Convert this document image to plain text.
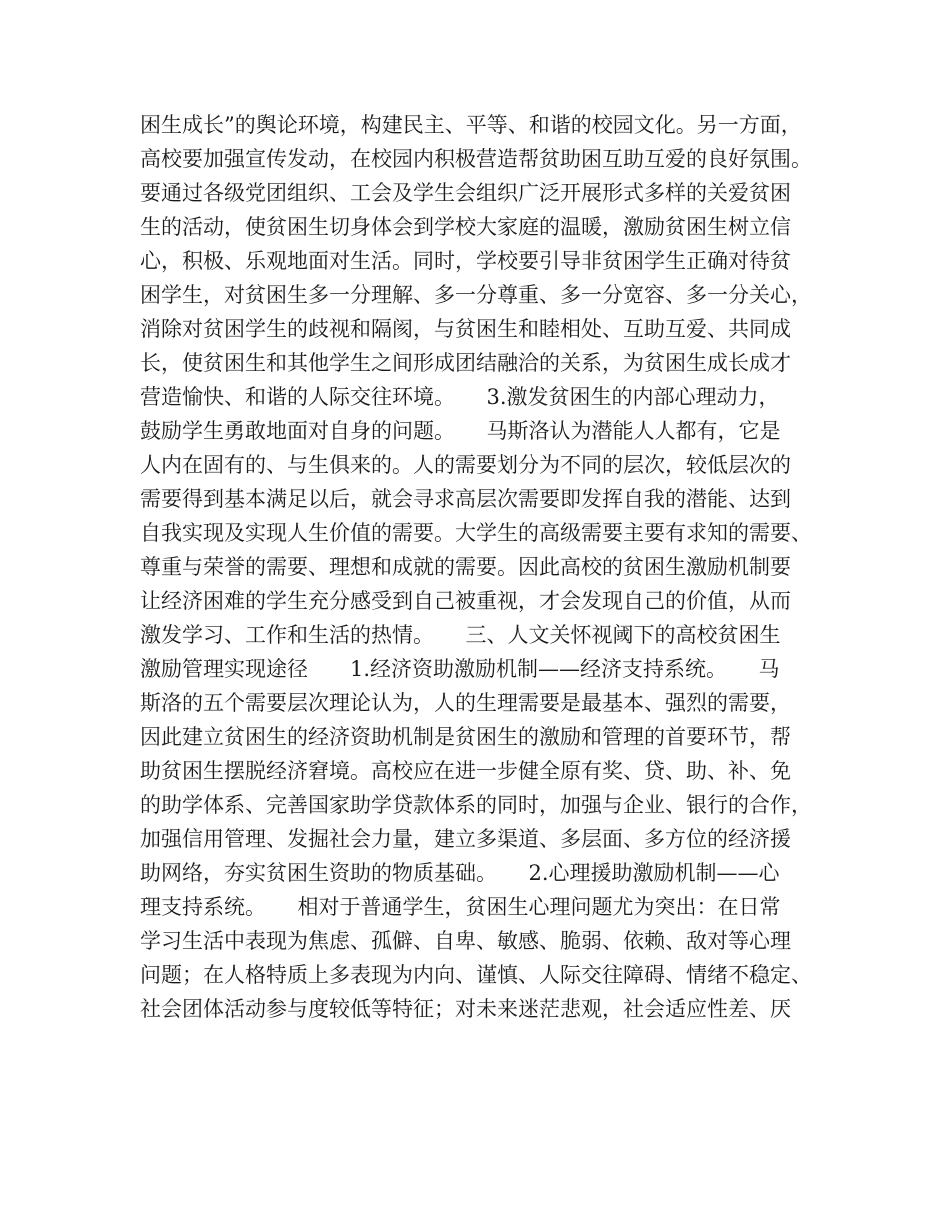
困生成长”的舆论环境，构建民主、平等、和谐的校园文化。另一方面，
高校要加强宣传发动，在校园内积极营造帮贫助困互助互爱的良好氛围。
要通过各级党团组织、工会及学生会组织广泛开展形式多样的关爱贫困
生的活动，使贫困生切身体会到学校大家庭的温暖，激励贫困生树立信
心，积极、乐观地面对生活。同时，学校要引导非贫困学生正确对待贫
困学生，对贫困生多一分理解、多一分尊重、多一分宽容、多一分关心，
消除对贫困学生的歧视和隔阂，与贫困生和睦相处、互助互爱、共同成
长，使贫困生和其他学生之间形成团结融洽的关系，为贫困生成长成才
营造愉快、和谐的人际交往环境。　　3.激发贫困生的内部心理动力，
鼓励学生勇敢地面对自身的问题。　　马斯洛认为潜能人人都有，它是
人内在固有的、与生俱来的。人的需要划分为不同的层次，较低层次的
需要得到基本满足以后，就会寻求高层次需要即发挥自我的潜能、达到
自我实现及实现人生价值的需要。大学生的高级需要主要有求知的需要、
尊重与荣誉的需要、理想和成就的需要。因此高校的贫困生激励机制要
让经济困难的学生充分感受到自己被重视，才会发现自己的价值，从而
激发学习、工作和生活的热情。　　三、人文关怀视阈下的高校贫困生
激励管理实现途径　　1.经济资助激励机制——经济支持系统。　　马
斯洛的五个需要层次理论认为，人的生理需要是最基本、强烈的需要，
因此建立贫困生的经济资助机制是贫困生的激励和管理的首要环节，帮
助贫困生摆脱经济窘境。高校应在进一步健全原有奖、贷、助、补、免
的助学体系、完善国家助学贷款体系的同时，加强与企业、银行的合作，
加强信用管理、发掘社会力量，建立多渠道、多层面、多方位的经济援
助网络，夯实贫困生资助的物质基础。　　2.心理援助激励机制——心
理支持系统。　　相对于普通学生，贫困生心理问题尤为突出：在日常
学习生活中表现为焦虑、孤僻、自卑、敏感、脆弱、依赖、敌对等心理
问题；在人格特质上多表现为内向、谨慎、人际交往障碍、情绪不稳定、
社会团体活动参与度较低等特征；对未来迷茫悲观，社会适应性差、厌
